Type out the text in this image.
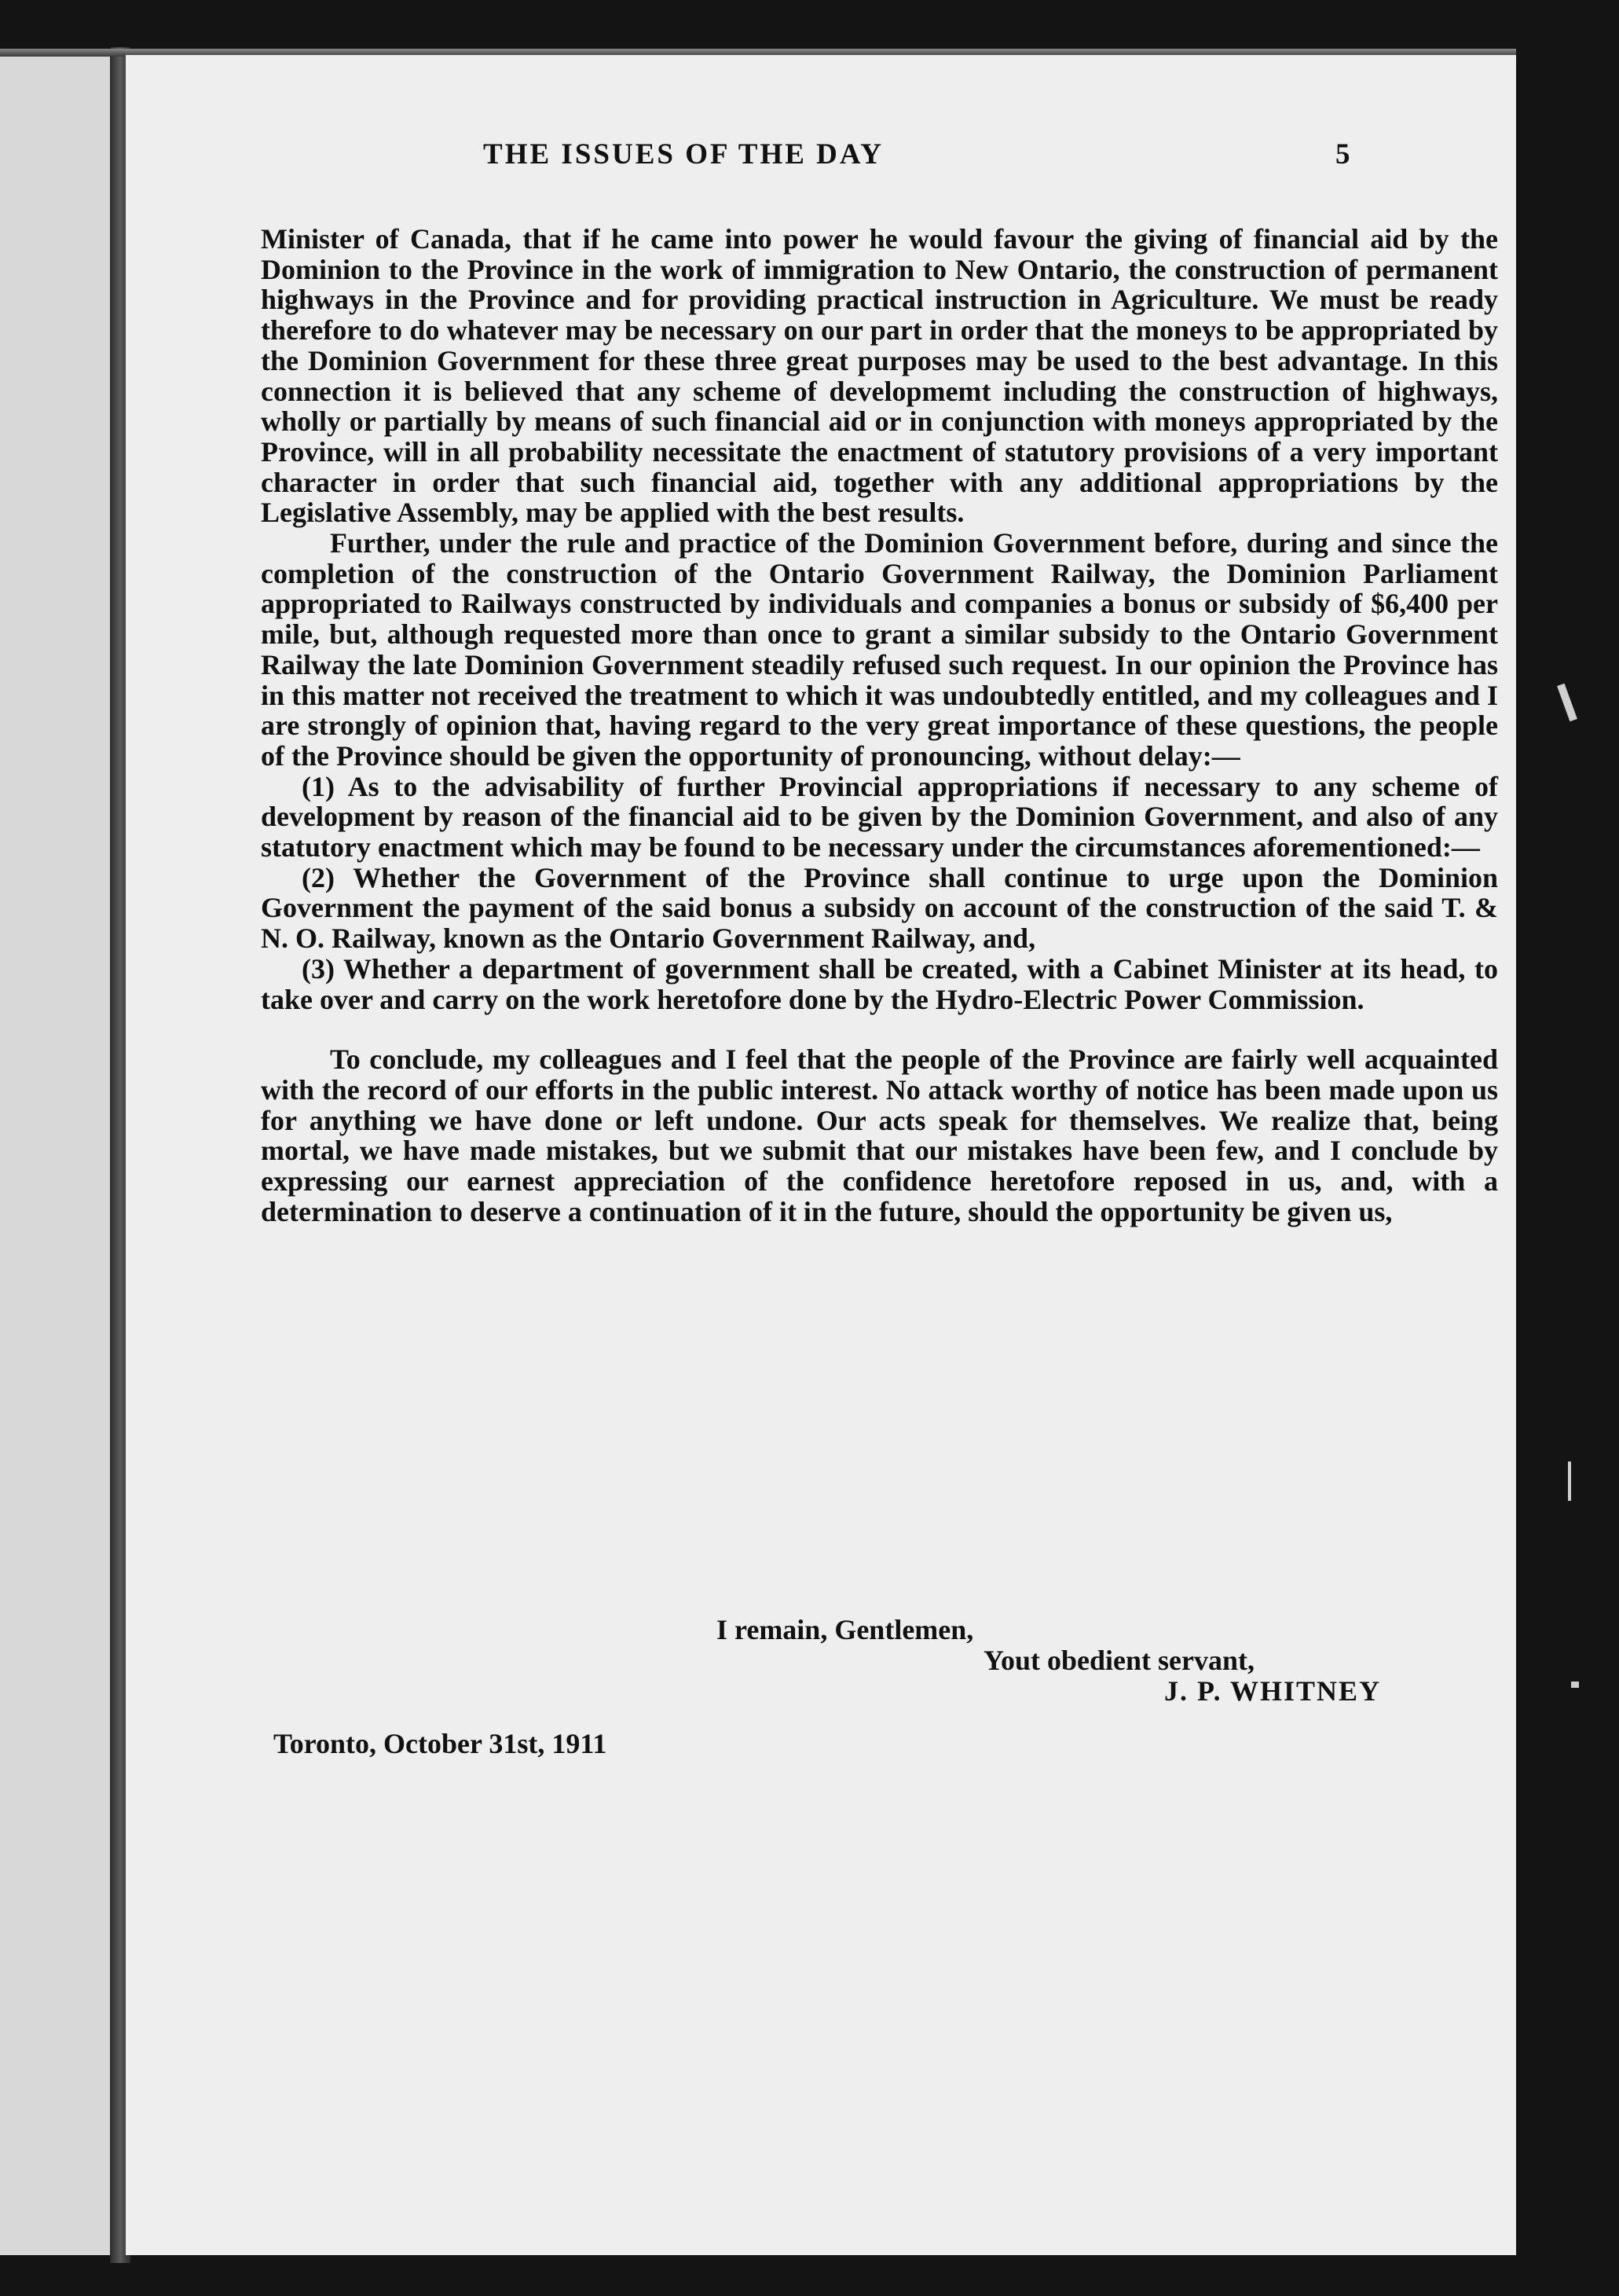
THE ISSUES OF THE DAY	5

Minister of Canada, that if he came into power he would favour the giving of financial aid by the Dominion to the Province in the work of immigration to New Ontario, the construction of permanent highways in the Province and for providing practical instruction in Agriculture. We must be ready therefore to do whatever may be necessary on our part in order that the moneys to be appropriated by the Dominion Government for these three great purposes may be used to the best advantage. In this connection it is believed that any scheme of developmemt including the construction of highways, wholly or partially by means of such financial aid or in conjunction with moneys appropriated by the Province, will in all probability necessitate the enactment of statutory provisions of a very important character in order that such financial aid, together with any additional appropriations by the Legislative Assembly, may be applied with the best results.

Further, under the rule and practice of the Dominion Government before, during and since the completion of the construction of the Ontario Government Railway, the Dominion Parliament appropriated to Railways constructed by individuals and companies a bonus or subsidy of $6,400 per mile, but, although requested more than once to grant a similar subsidy to the Ontario Government Railway the late Dominion Government steadily refused such request. In our opinion the Province has in this matter not received the treatment to which it was undoubtedly entitled, and my colleagues and I are strongly of opinion that, having regard to the very great importance of these questions, the people of the Province should be given the opportunity of pronouncing, without delay:—

(1) As to the advisability of further Provincial appropriations if necessary to any scheme of development by reason of the financial aid to be given by the Dominion Government, and also of any statutory enactment which may be found to be necessary under the circumstances aforementioned:—

(2) Whether the Government of the Province shall continue to urge upon the Dominion Government the payment of the said bonus a subsidy on account of the construction of the said T. & N. O. Railway, known as the Ontario Government Railway, and,

(3) Whether a department of government shall be created, with a Cabinet Minister at its head, to take over and carry on the work heretofore done by the Hydro-Electric Power Commission.

To conclude, my colleagues and I feel that the people of the Province are fairly well acquainted with the record of our efforts in the public interest. No attack worthy of notice has been made upon us for anything we have done or left undone. Our acts speak for themselves. We realize that, being mortal, we have made mistakes, but we submit that our mistakes have been few, and I conclude by expressing our earnest appreciation of the confidence heretofore reposed in us, and, with a determination to deserve a continuation of it in the future, should the opportunity be given us,

I remain, Gentlemen,
Yout obedient servant,
J. P. WHITNEY
Toronto, October 31st, 1911
